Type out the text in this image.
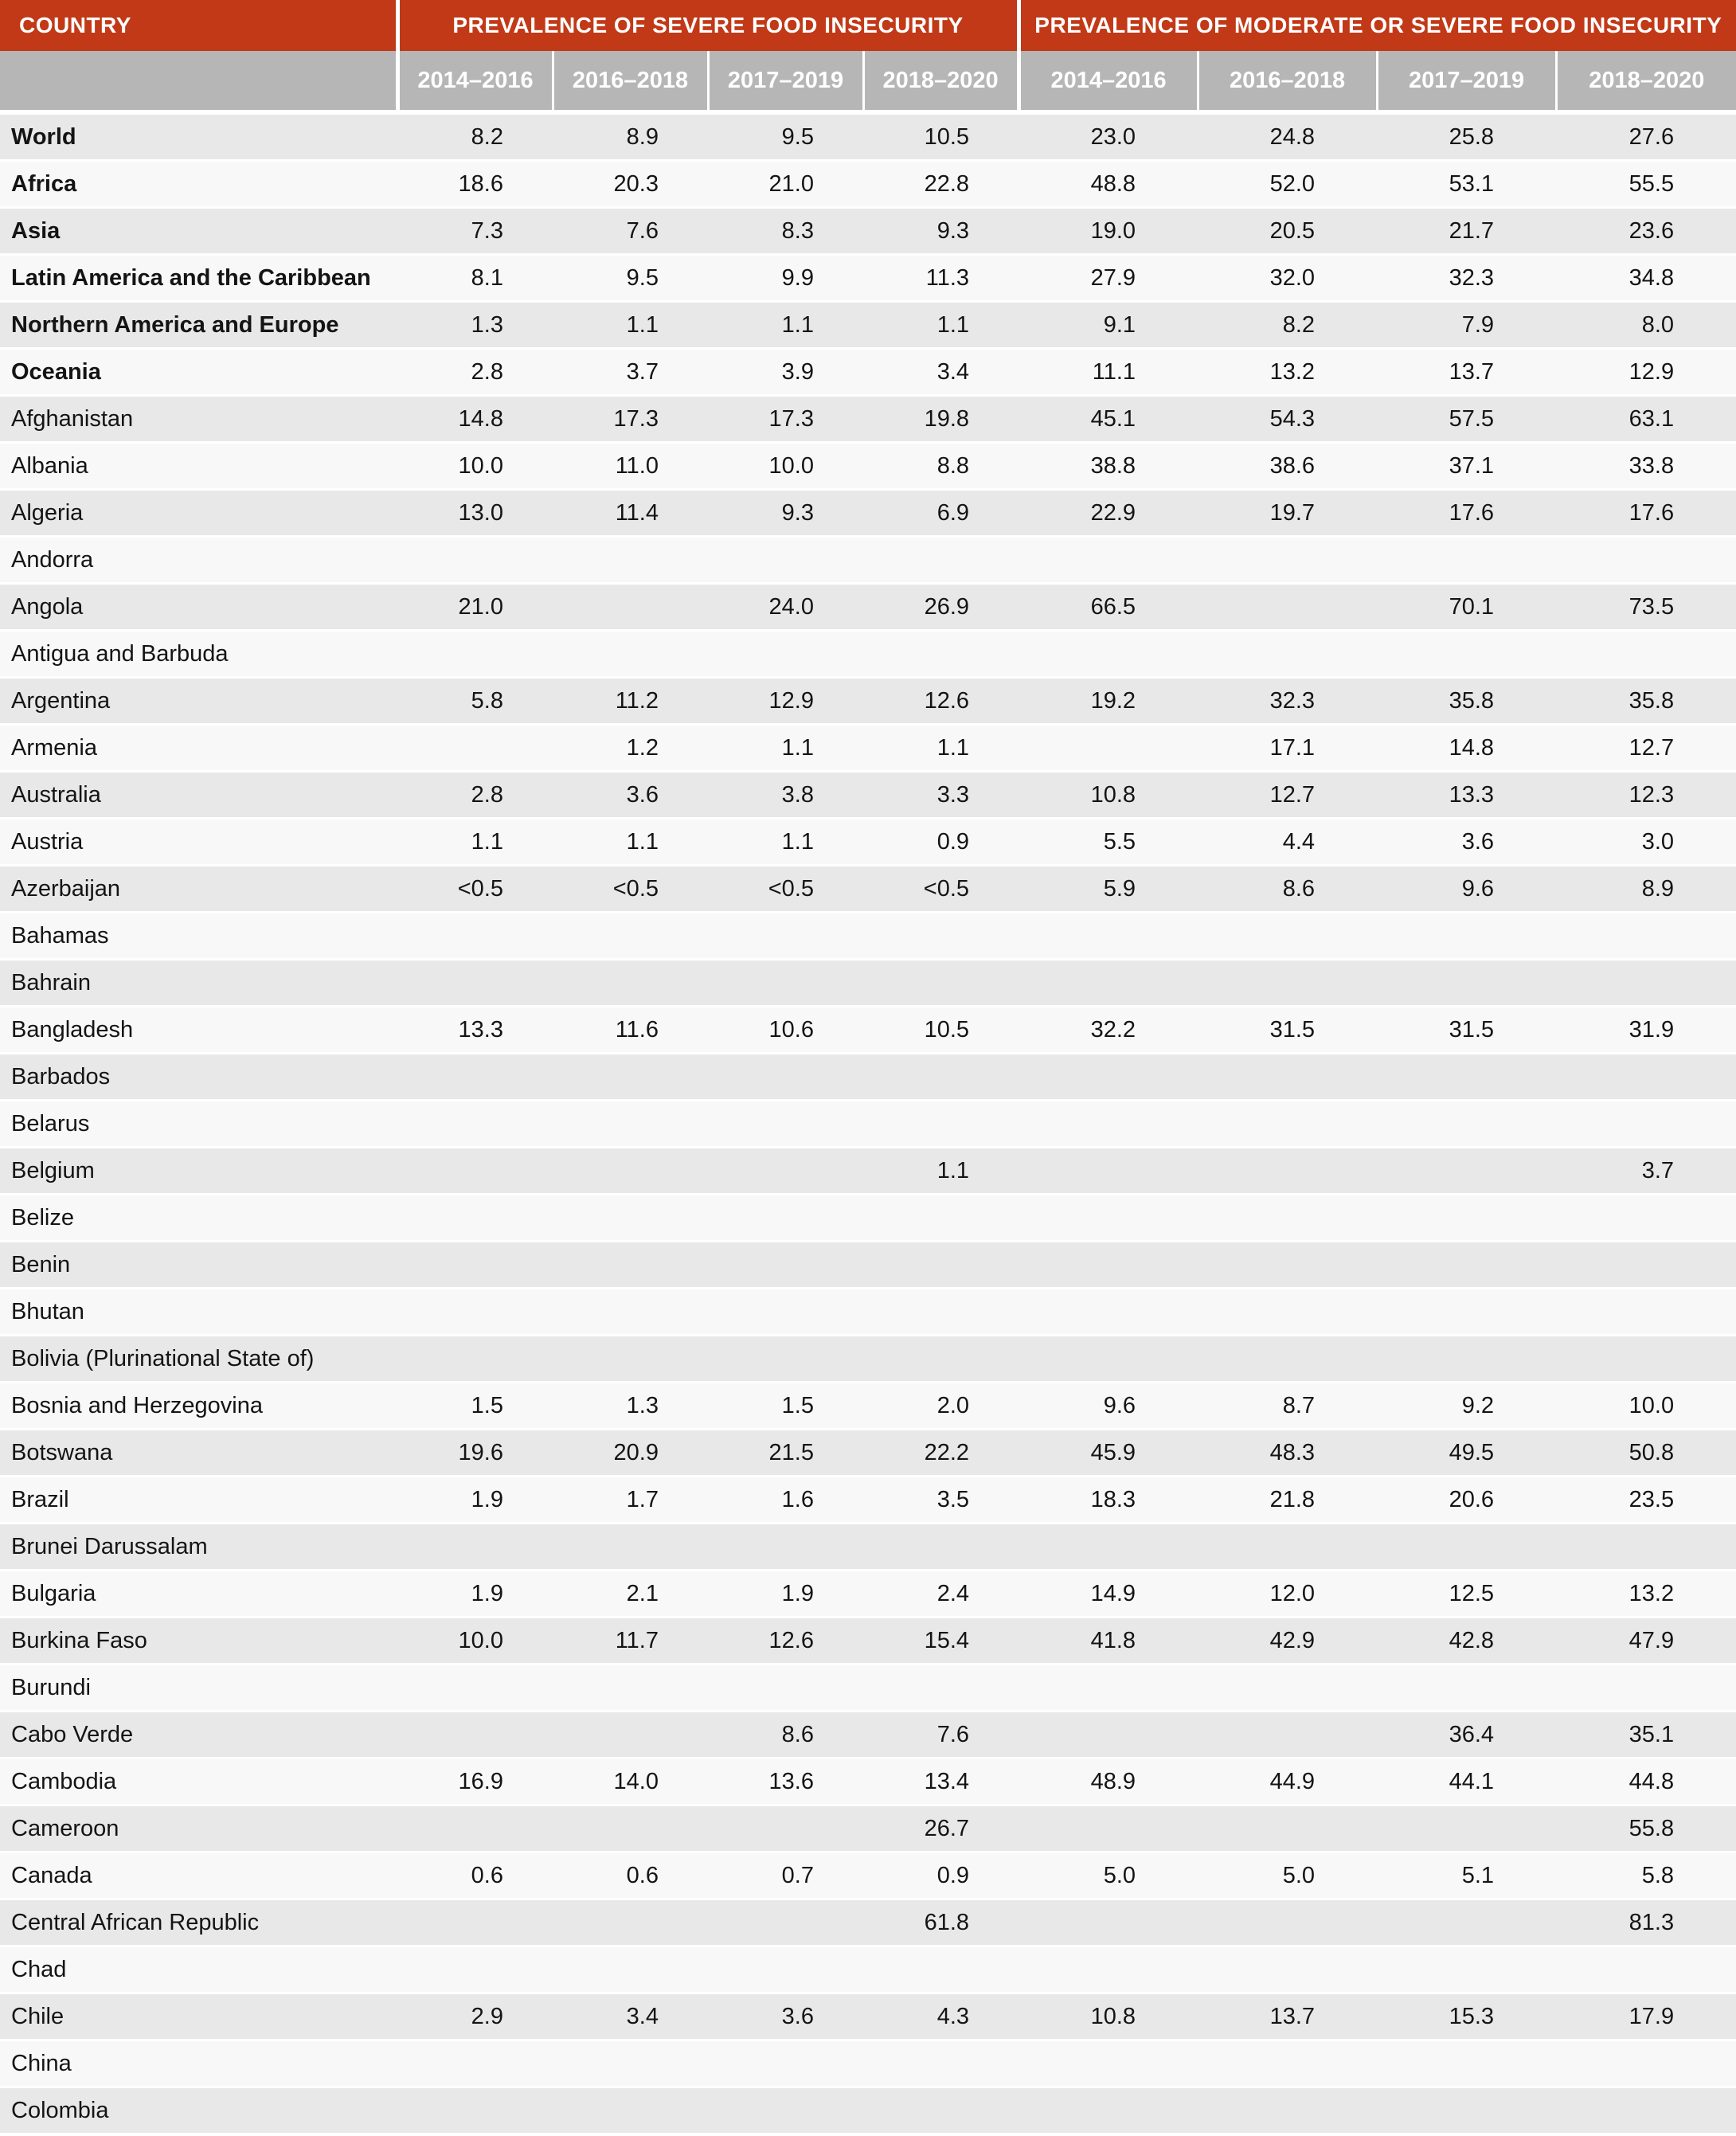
COUNTRY	PREVALENCE OF SEVERE FOOD INSECURITY				PREVALENCE OF MODERATE OR SEVERE FOOD INSECURITY			
	2014–2016	2016–2018	2017–2019	2018–2020	2014–2016	2016–2018	2017–2019	2018–2020
World	8.2	8.9	9.5	10.5	23.0	24.8	25.8	27.6
Africa	18.6	20.3	21.0	22.8	48.8	52.0	53.1	55.5
Asia	7.3	7.6	8.3	9.3	19.0	20.5	21.7	23.6
Latin America and the Caribbean	8.1	9.5	9.9	11.3	27.9	32.0	32.3	34.8
Northern America and Europe	1.3	1.1	1.1	1.1	9.1	8.2	7.9	8.0
Oceania	2.8	3.7	3.9	3.4	11.1	13.2	13.7	12.9
Afghanistan	14.8	17.3	17.3	19.8	45.1	54.3	57.5	63.1
Albania	10.0	11.0	10.0	8.8	38.8	38.6	37.1	33.8
Algeria	13.0	11.4	9.3	6.9	22.9	19.7	17.6	17.6
Andorra								
Angola	21.0		24.0	26.9	66.5		70.1	73.5
Antigua and Barbuda								
Argentina	5.8	11.2	12.9	12.6	19.2	32.3	35.8	35.8
Armenia		1.2	1.1	1.1		17.1	14.8	12.7
Australia	2.8	3.6	3.8	3.3	10.8	12.7	13.3	12.3
Austria	1.1	1.1	1.1	0.9	5.5	4.4	3.6	3.0
Azerbaijan	<0.5	<0.5	<0.5	<0.5	5.9	8.6	9.6	8.9
Bahamas								
Bahrain								
Bangladesh	13.3	11.6	10.6	10.5	32.2	31.5	31.5	31.9
Barbados								
Belarus								
Belgium				1.1				3.7
Belize								
Benin								
Bhutan								
Bolivia (Plurinational State of)								
Bosnia and Herzegovina	1.5	1.3	1.5	2.0	9.6	8.7	9.2	10.0
Botswana	19.6	20.9	21.5	22.2	45.9	48.3	49.5	50.8
Brazil	1.9	1.7	1.6	3.5	18.3	21.8	20.6	23.5
Brunei Darussalam								
Bulgaria	1.9	2.1	1.9	2.4	14.9	12.0	12.5	13.2
Burkina Faso	10.0	11.7	12.6	15.4	41.8	42.9	42.8	47.9
Burundi								
Cabo Verde			8.6	7.6			36.4	35.1
Cambodia	16.9	14.0	13.6	13.4	48.9	44.9	44.1	44.8
Cameroon				26.7				55.8
Canada	0.6	0.6	0.7	0.9	5.0	5.0	5.1	5.8
Central African Republic				61.8				81.3
Chad								
Chile	2.9	3.4	3.6	4.3	10.8	13.7	15.3	17.9
China								
Colombia								
